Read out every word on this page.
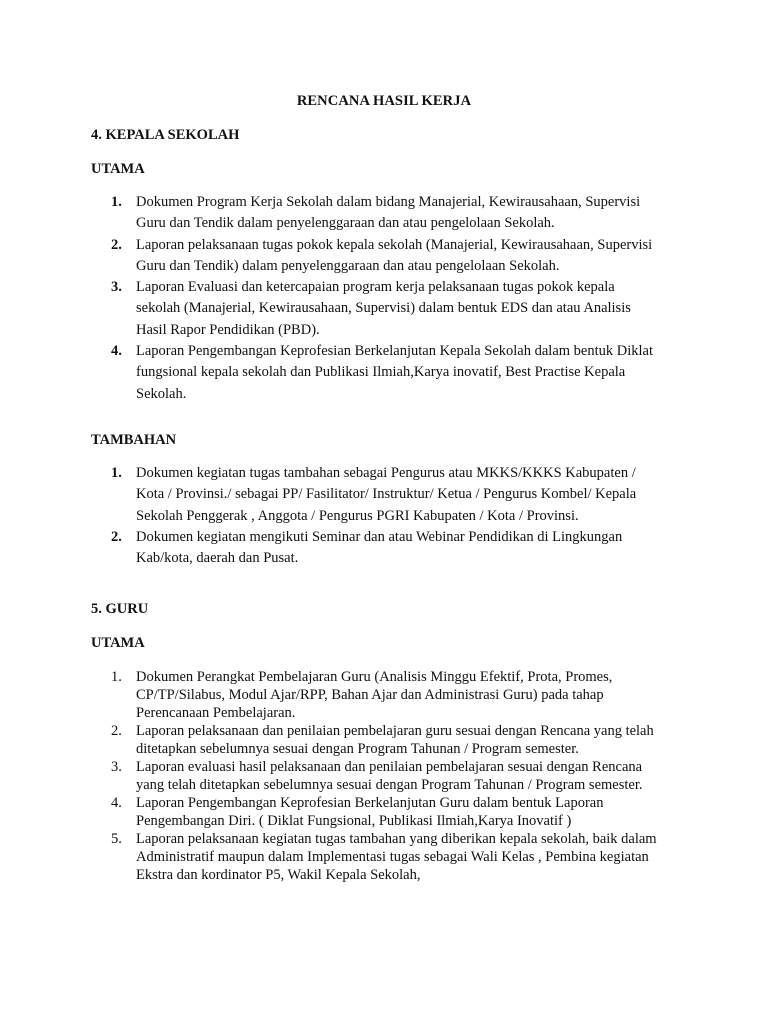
RENCANA HASIL KERJA
4. KEPALA SEKOLAH
UTAMA
1. Dokumen Program Kerja Sekolah dalam bidang Manajerial, Kewirausahaan, Supervisi
Guru dan Tendik dalam penyelenggaraan dan atau pengelolaan Sekolah.
2. Laporan pelaksanaan tugas pokok kepala sekolah (Manajerial, Kewirausahaan, Supervisi
Guru dan Tendik) dalam penyelenggaraan dan atau pengelolaan Sekolah.
3. Laporan Evaluasi dan ketercapaian program kerja pelaksanaan tugas pokok kepala
sekolah (Manajerial, Kewirausahaan, Supervisi) dalam bentuk EDS dan atau Analisis
Hasil Rapor Pendidikan (PBD).
4. Laporan Pengembangan Keprofesian Berkelanjutan Kepala Sekolah dalam bentuk Diklat
fungsional kepala sekolah dan Publikasi Ilmiah,Karya inovatif, Best Practise Kepala
Sekolah.
TAMBAHAN
1. Dokumen kegiatan tugas tambahan sebagai Pengurus atau MKKS/KKKS Kabupaten /
Kota / Provinsi./ sebagai PP/ Fasilitator/ Instruktur/ Ketua / Pengurus Kombel/ Kepala
Sekolah Penggerak , Anggota / Pengurus PGRI Kabupaten / Kota / Provinsi.
2. Dokumen kegiatan mengikuti Seminar dan atau Webinar Pendidikan di Lingkungan
Kab/kota, daerah dan Pusat.
5. GURU
UTAMA
1. Dokumen Perangkat Pembelajaran Guru (Analisis Minggu Efektif, Prota, Promes,
CP/TP/Silabus, Modul Ajar/RPP, Bahan Ajar dan Administrasi Guru) pada tahap
Perencanaan Pembelajaran.
2. Laporan pelaksanaan dan penilaian pembelajaran guru sesuai dengan Rencana yang telah
ditetapkan sebelumnya sesuai dengan Program Tahunan / Program semester.
3. Laporan evaluasi hasil pelaksanaan dan penilaian pembelajaran sesuai dengan Rencana
yang telah ditetapkan sebelumnya sesuai dengan Program Tahunan / Program semester.
4. Laporan Pengembangan Keprofesian Berkelanjutan Guru dalam bentuk Laporan
Pengembangan Diri. ( Diklat Fungsional, Publikasi Ilmiah,Karya Inovatif )
5. Laporan pelaksanaan kegiatan tugas tambahan yang diberikan kepala sekolah, baik dalam
Administratif maupun dalam Implementasi tugas sebagai Wali Kelas , Pembina kegiatan
Ekstra dan kordinator P5, Wakil Kepala Sekolah,
